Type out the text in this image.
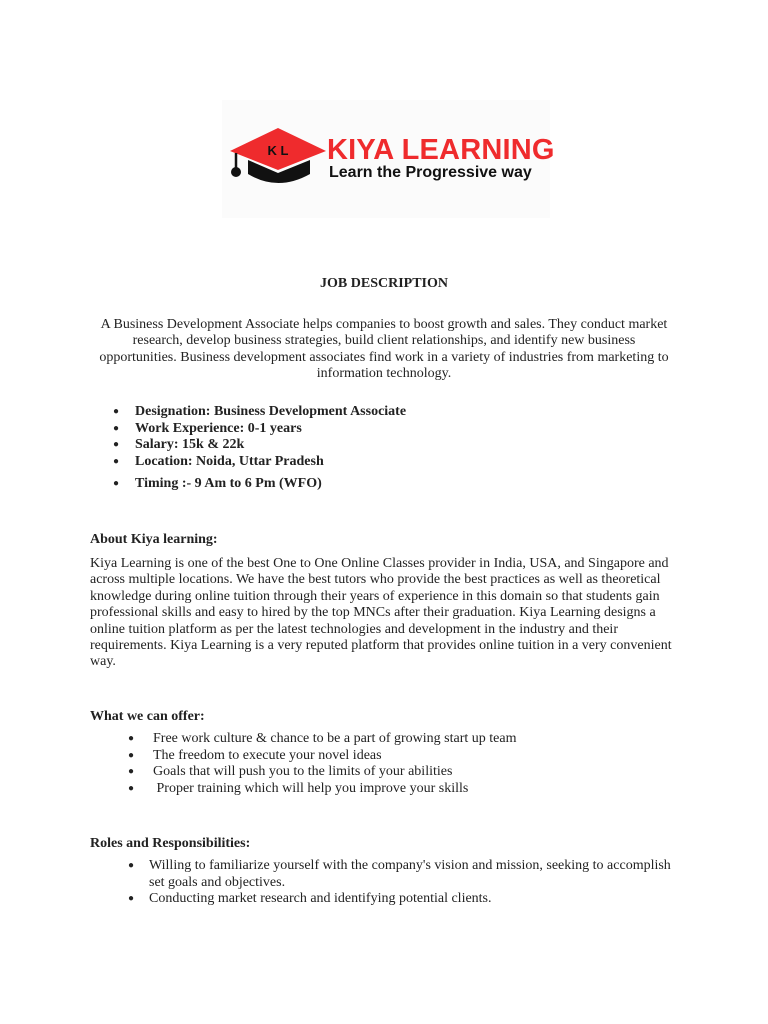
K L KIYA LEARNING
Learn the Progressive way
JOB DESCRIPTION
A Business Development Associate helps companies to boost growth and sales. They conduct market research, develop business strategies, build client relationships, and identify new business opportunities. Business development associates find work in a variety of industries from marketing to information technology.
● Designation: Business Development Associate
● Work Experience: 0-1 years
● Salary: 15k & 22k
● Location: Noida, Uttar Pradesh
● Timing :- 9 Am to 6 Pm (WFO)
About Kiya learning:
Kiya Learning is one of the best One to One Online Classes provider in India, USA, and Singapore and across multiple locations. We have the best tutors who provide the best practices as well as theoretical knowledge during online tuition through their years of experience in this domain so that students gain professional skills and easy to hired by the top MNCs after their graduation. Kiya Learning designs a online tuition platform as per the latest technologies and development in the industry and their requirements. Kiya Learning is a very reputed platform that provides online tuition in a very convenient way.
What we can offer:
● Free work culture & chance to be a part of growing start up team
● The freedom to execute your novel ideas
● Goals that will push you to the limits of your abilities
● Proper training which will help you improve your skills
Roles and Responsibilities:
● Willing to familiarize yourself with the company's vision and mission, seeking to accomplish set goals and objectives.
● Conducting market research and identifying potential clients.
